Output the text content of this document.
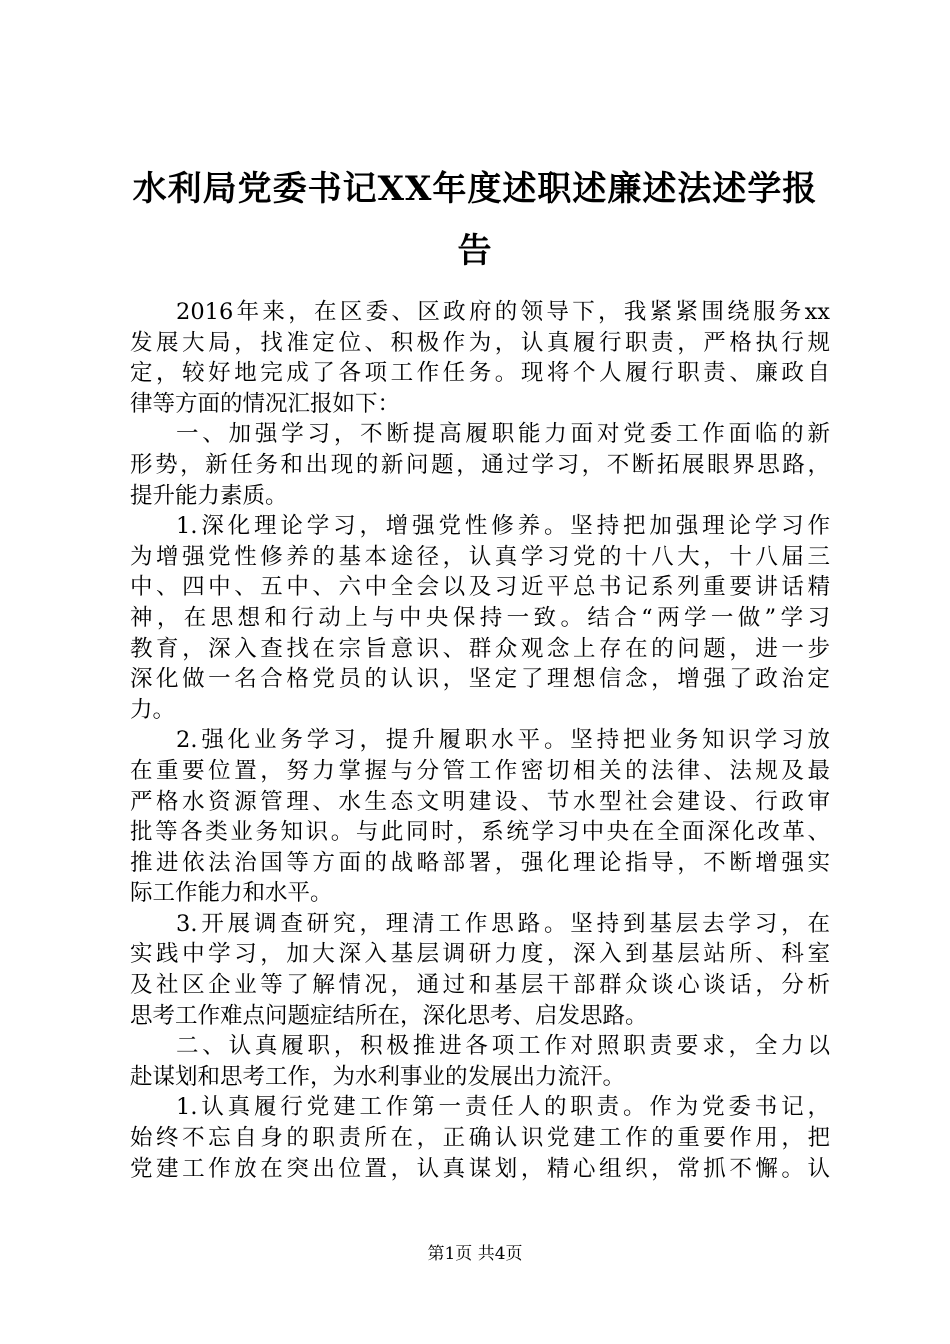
水利局党委书记XX年度述职述廉述法述学报
告
2016年来，在区委、区政府的领导下，我紧紧围绕服务xx
发展大局，找准定位、积极作为，认真履行职责，严格执行规
定，较好地完成了各项工作任务。现将个人履行职责、廉政自
律等方面的情况汇报如下：
一、加强学习，不断提高履职能力面对党委工作面临的新
形势，新任务和出现的新问题，通过学习，不断拓展眼界思路，
提升能力素质。
1.深化理论学习，增强党性修养。坚持把加强理论学习作
为增强党性修养的基本途径，认真学习党的十八大，十八届三
中、四中、五中、六中全会以及习近平总书记系列重要讲话精
神，在思想和行动上与中央保持一致。结合“两学一做”学习
教育，深入查找在宗旨意识、群众观念上存在的问题，进一步
深化做一名合格党员的认识，坚定了理想信念，增强了政治定
力。
2.强化业务学习，提升履职水平。坚持把业务知识学习放
在重要位置，努力掌握与分管工作密切相关的法律、法规及最
严格水资源管理、水生态文明建设、节水型社会建设、行政审
批等各类业务知识。与此同时，系统学习中央在全面深化改革、
推进依法治国等方面的战略部署，强化理论指导，不断增强实
际工作能力和水平。
3.开展调查研究，理清工作思路。坚持到基层去学习，在
实践中学习，加大深入基层调研力度，深入到基层站所、科室
及社区企业等了解情况，通过和基层干部群众谈心谈话，分析
思考工作难点问题症结所在，深化思考、启发思路。
二、认真履职，积极推进各项工作对照职责要求，全力以
赴谋划和思考工作，为水利事业的发展出力流汗。
1.认真履行党建工作第一责任人的职责。作为党委书记，
始终不忘自身的职责所在，正确认识党建工作的重要作用，把
党建工作放在突出位置，认真谋划，精心组织，常抓不懈。认
第1页 共4页
